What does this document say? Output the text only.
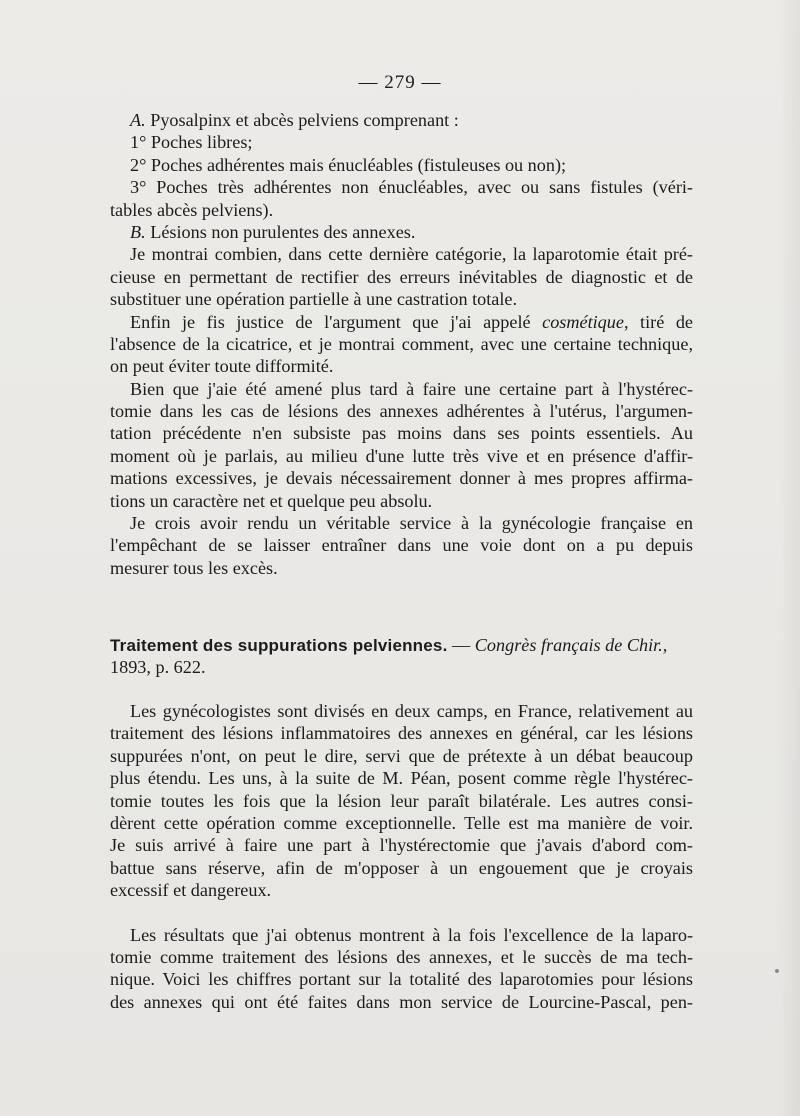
— 279 —
A. Pyosalpinx et abcès pelviens comprenant :
1° Poches libres;
2° Poches adhérentes mais énucléables (fistuleuses ou non);
3° Poches très adhérentes non énucléables, avec ou sans fistules (véri-
tables abcès pelviens).
B. Lésions non purulentes des annexes.
Je montrai combien, dans cette dernière catégorie, la laparotomie était pré-
cieuse en permettant de rectifier des erreurs inévitables de diagnostic et de
substituer une opération partielle à une castration totale.
Enfin je fis justice de l'argument que j'ai appelé cosmétique, tiré de
l'absence de la cicatrice, et je montrai comment, avec une certaine technique,
on peut éviter toute difformité.
Bien que j'aie été amené plus tard à faire une certaine part à l'hystérec-
tomie dans les cas de lésions des annexes adhérentes à l'utérus, l'argumen-
tation précédente n'en subsiste pas moins dans ses points essentiels. Au
moment où je parlais, au milieu d'une lutte très vive et en présence d'affir-
mations excessives, je devais nécessairement donner à mes propres affirma-
tions un caractère net et quelque peu absolu.
Je crois avoir rendu un véritable service à la gynécologie française en
l'empêchant de se laisser entraîner dans une voie dont on a pu depuis
mesurer tous les excès.
Traitement des suppurations pelviennes. — Congrès français de Chir.,
1893, p. 622.
Les gynécologistes sont divisés en deux camps, en France, relativement au
traitement des lésions inflammatoires des annexes en général, car les lésions
suppurées n'ont, on peut le dire, servi que de prétexte à un débat beaucoup
plus étendu. Les uns, à la suite de M. Péan, posent comme règle l'hystérec-
tomie toutes les fois que la lésion leur paraît bilatérale. Les autres consi-
dèrent cette opération comme exceptionnelle. Telle est ma manière de voir.
Je suis arrivé à faire une part à l'hystérectomie que j'avais d'abord com-
battue sans réserve, afin de m'opposer à un engouement que je croyais
excessif et dangereux.
Les résultats que j'ai obtenus montrent à la fois l'excellence de la laparo-
tomie comme traitement des lésions des annexes, et le succès de ma tech-
nique. Voici les chiffres portant sur la totalité des laparotomies pour lésions
des annexes qui ont été faites dans mon service de Lourcine-Pascal, pen-
